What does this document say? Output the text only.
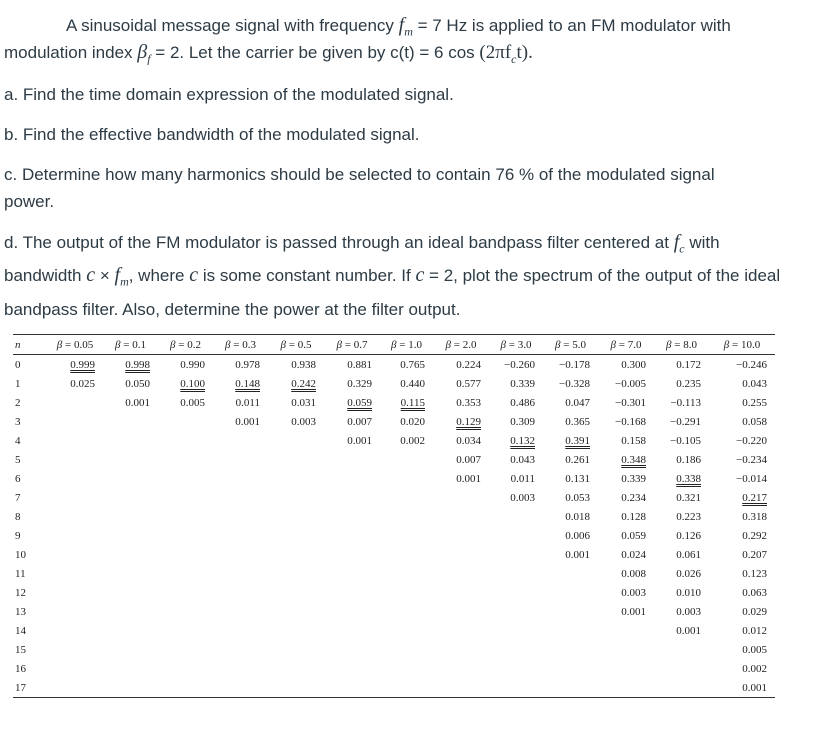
A sinusoidal message signal with frequency $f_m = 7$ Hz is applied to an FM modulator with

modulation index $\beta_f = 2$. Let the carrier be given by c(t) = 6 $\cos (2\pi f_ct)$.

a. Find the time domain expression of the modulated signal.

b. Find the effective bandwidth of the modulated signal.

c. Determine how many harmonics should be selected to contain 76 % of the modulated signal power.

d. The output of the FM modulator is passed through an ideal bandpass filter centered at $f_c$ with bandwidth $c \times f_m$, where c is some constant number. If c = 2, plot the spectrum of the output of the ideal bandpass filter. Also, determine the power at the filter output.

n	β = 0.05	β = 0.1	β = 0.2	β = 0.3	β = 0.5	β = 0.7	β = 1.0	β = 2.0	β = 3.0	β = 5.0	β = 7.0	β = 8.0	β = 10.0
0	0.999	0.998	0.990	0.978	0.938	0.881	0.765	0.224	−0.260	−0.178	0.300	0.172	−0.246
1	0.025	0.050	0.100	0.148	0.242	0.329	0.440	0.577	0.339	−0.328	−0.005	0.235	0.043
2		0.001	0.005	0.011	0.031	0.059	0.115	0.353	0.486	0.047	−0.301	−0.113	0.255
3				0.001	0.003	0.007	0.020	0.129	0.309	0.365	−0.168	−0.291	0.058
4						0.001	0.002	0.034	0.132	0.391	0.158	−0.105	−0.220
5								0.007	0.043	0.261	0.348	0.186	−0.234
6								0.001	0.011	0.131	0.339	0.338	−0.014
7									0.003	0.053	0.234	0.321	0.217
8										0.018	0.128	0.223	0.318
9										0.006	0.059	0.126	0.292
10										0.001	0.024	0.061	0.207
11											0.008	0.026	0.123
12											0.003	0.010	0.063
13											0.001	0.003	0.029
14												0.001	0.012
15													0.005
16													0.002
17													0.001
